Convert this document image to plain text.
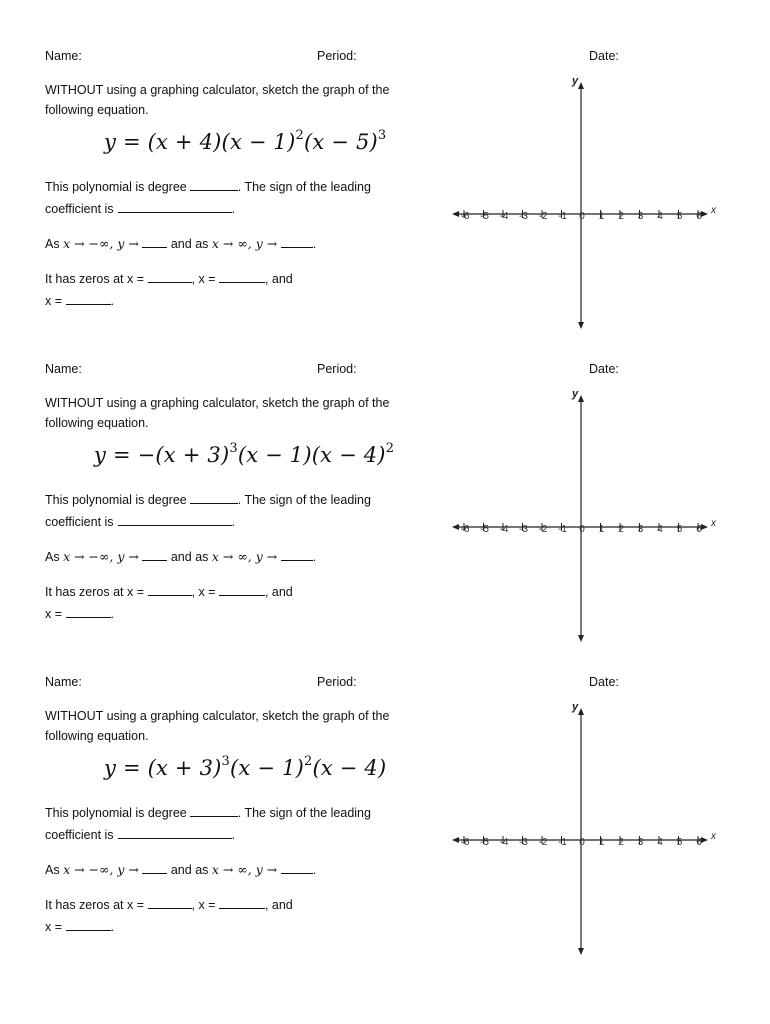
Name:	Period:	Date:
WITHOUT using a graphing calculator, sketch the graph of the following equation.
$y = (x + 4)(x - 1)^2(x - 5)^3$
This polynomial is degree	. The sign of the leading
coefficient is	.
As x → −∞, y →	and as x → ∞, y →	.
It has zeros at x =	, x =	, and
x =	.
-6 -5 -4 -3 -2 -1 0 1 2 3 4 5 6
x
y
Name:	Period:	Date:
WITHOUT using a graphing calculator, sketch the graph of the following equation.
$y = -(x + 3)^3(x - 1)(x - 4)^2$
This polynomial is degree	. The sign of the leading
coefficient is	.
As x → −∞, y →	and as x → ∞, y →	.
It has zeros at x =	, x =	, and
x =	.
-6 -5 -4 -3 -2 -1 0 1 2 3 4 5 6
x
y
Name:	Period:	Date:
WITHOUT using a graphing calculator, sketch the graph of the following equation.
$y = (x + 3)^3(x - 1)^2(x - 4)$
This polynomial is degree	. The sign of the leading
coefficient is	.
As x → −∞, y →	and as x → ∞, y →	.
It has zeros at x =	, x =	, and
x =	.
-6 -5 -4 -3 -2 -1 0 1 2 3 4 5 6
x
y
